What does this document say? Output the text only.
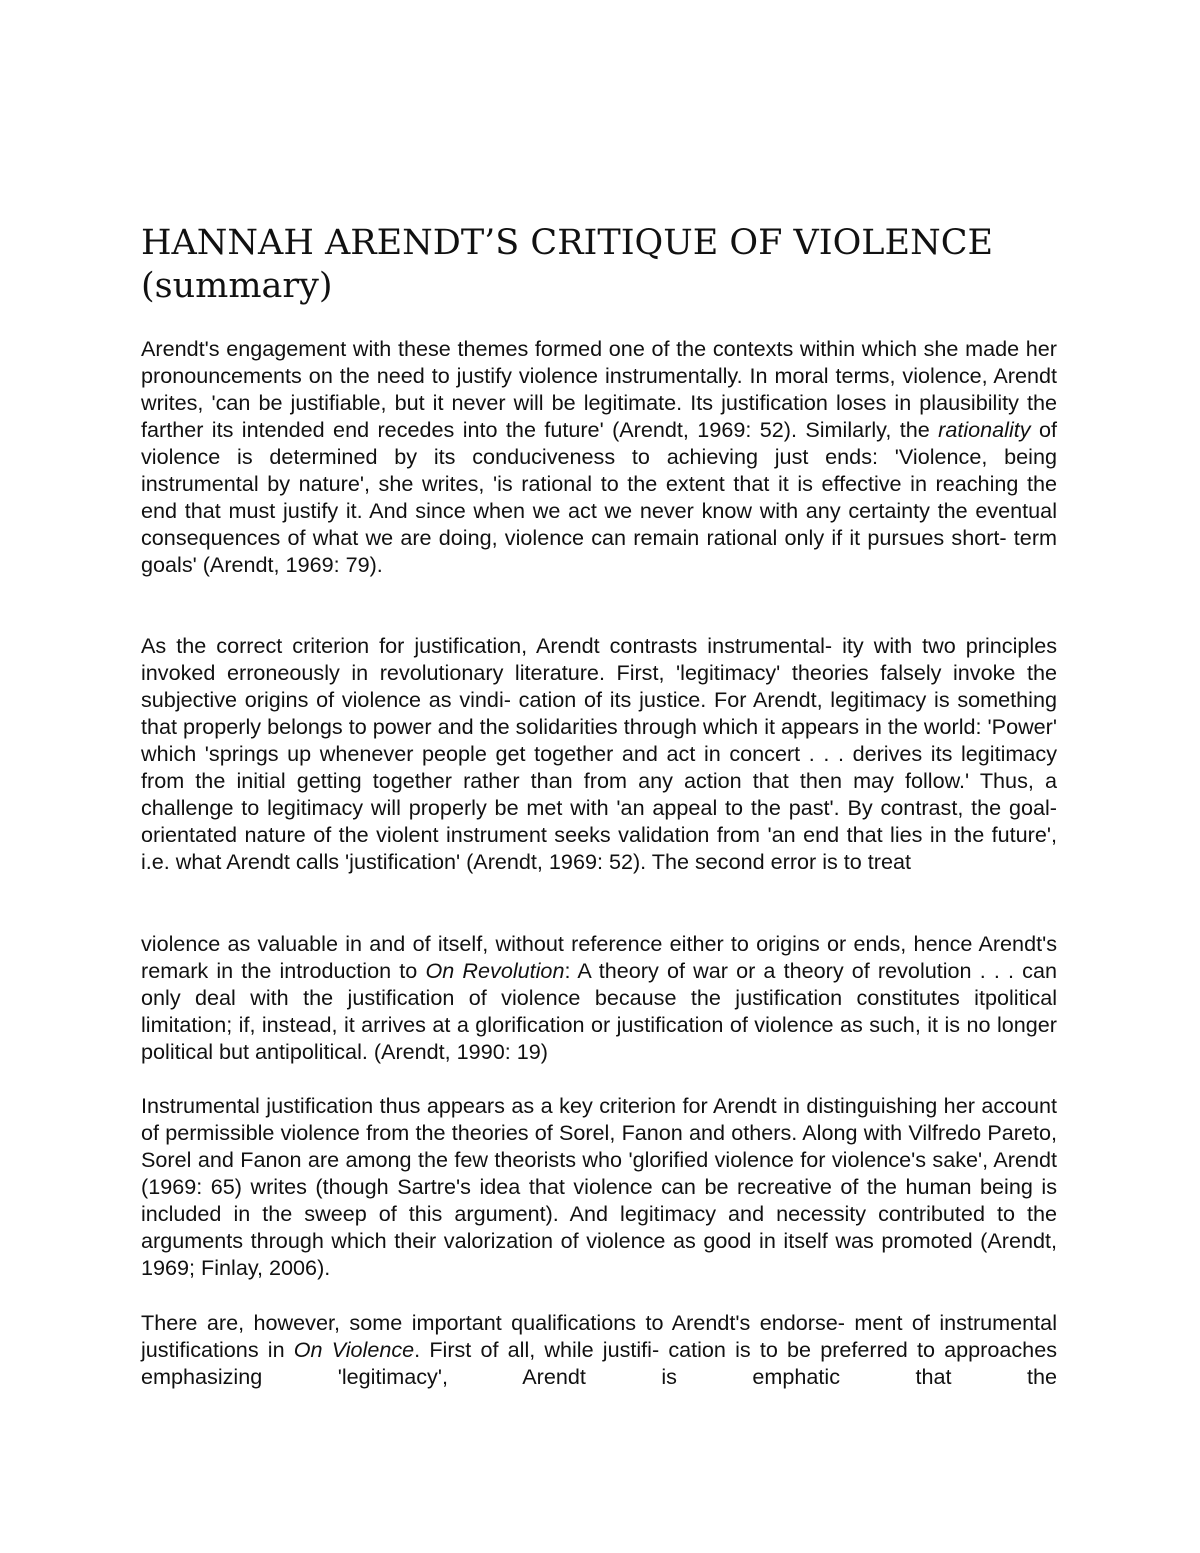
HANNAH ARENDT’S CRITIQUE OF VIOLENCE (summary)

Arendt's engagement with these themes formed one of the contexts within which she made her pronouncements on the need to justify violence instrumentally. In moral terms, violence, Arendt writes, 'can be justifiable, but it never will be legitimate. Its justification loses in plausibility the farther its intended end recedes into the future' (Arendt, 1969: 52). Similarly, the rationality of violence is determined by its conduciveness to achieving just ends: 'Violence, being instrumental by nature', she writes, 'is rational to the extent that it is effective in reaching the end that must justify it. And since when we act we never know with any certainty the eventual consequences of what we are doing, violence can remain rational only if it pursues short- term goals' (Arendt, 1969: 79).

As the correct criterion for justification, Arendt contrasts instrumental- ity with two principles invoked erroneously in revolutionary literature. First, 'legitimacy' theories falsely invoke the subjective origins of violence as vindi- cation of its justice. For Arendt, legitimacy is something that properly belongs to power and the solidarities through which it appears in the world: 'Power' which 'springs up whenever people get together and act in concert . . . derives its legitimacy from the initial getting together rather than from any action that then may follow.' Thus, a challenge to legitimacy will properly be met with 'an appeal to the past'. By contrast, the goal-orientated nature of the violent instrument seeks validation from 'an end that lies in the future', i.e. what Arendt calls 'justification' (Arendt, 1969: 52). The second error is to treat

violence as valuable in and of itself, without reference either to origins or ends, hence Arendt's remark in the introduction to On Revolution: A theory of war or a theory of revolution . . . can only deal with the justification of violence because the justification constitutes itpolitical limitation; if, instead, it arrives at a glorification or justification of violence as such, it is no longer political but antipolitical. (Arendt, 1990: 19)

Instrumental justification thus appears as a key criterion for Arendt in distinguishing her account of permissible violence from the theories of Sorel, Fanon and others. Along with Vilfredo Pareto, Sorel and Fanon are among the few theorists who 'glorified violence for violence's sake', Arendt (1969: 65) writes (though Sartre's idea that violence can be recreative of the human being is included in the sweep of this argument). And legitimacy and necessity contributed to the arguments through which their valorization of violence as good in itself was promoted (Arendt, 1969; Finlay, 2006).

There are, however, some important qualifications to Arendt's endorse- ment of instrumental justifications in On Violence. First of all, while justifi- cation is to be preferred to approaches emphasizing 'legitimacy', Arendt is emphatic that the
